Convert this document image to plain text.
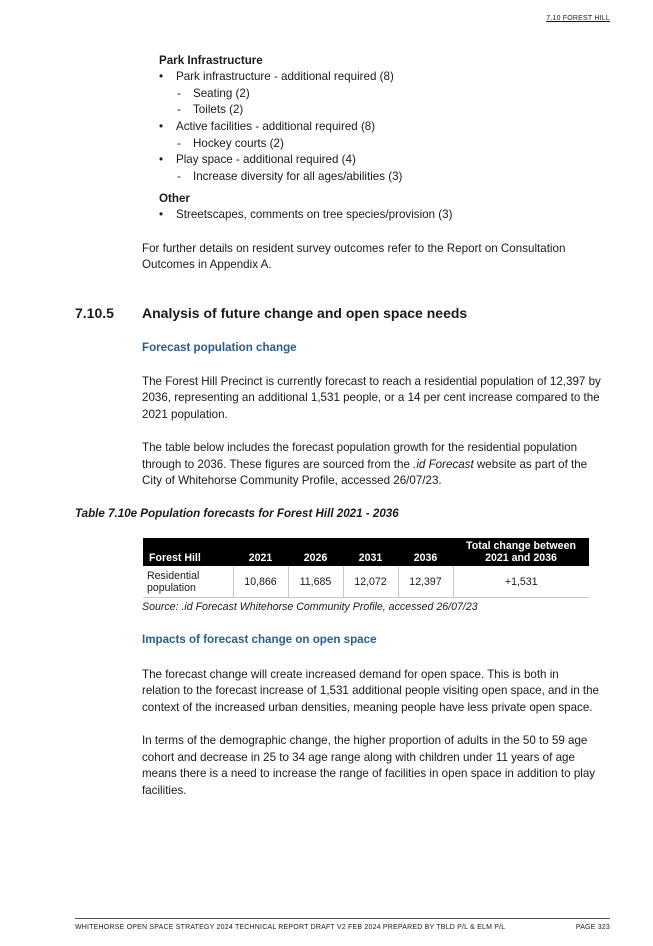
7.10 FOREST HILL
Park Infrastructure
• Park infrastructure - additional required (8)
- Seating (2)
- Toilets (2)
• Active facilities - additional required (8)
- Hockey courts (2)
• Play space - additional required (4)
- Increase diversity for all ages/abilities (3)
Other
• Streetscapes, comments on tree species/provision (3)
For further details on resident survey outcomes refer to the Report on Consultation
Outcomes in Appendix A.
7.10.5 Analysis of future change and open space needs
Forecast population change
The Forest Hill Precinct is currently forecast to reach a residential population of 12,397 by
2036, representing an additional 1,531 people, or a 14 per cent increase compared to the
2021 population.
The table below includes the forecast population growth for the residential population
through to 2036. These figures are sourced from the .id Forecast website as part of the
City of Whitehorse Community Profile, accessed 26/07/23.
Table 7.10e Population forecasts for Forest Hill 2021 - 2036
Forest Hill	2021	2026	2031	2036	Total change between 2021 and 2036
Residential population	10,866	11,685	12,072	12,397	+1,531
Source: .id Forecast Whitehorse Community Profile, accessed 26/07/23
Impacts of forecast change on open space
The forecast change will create increased demand for open space. This is both in
relation to the forecast increase of 1,531 additional people visiting open space, and in the
context of the increased urban densities, meaning people have less private open space.
In terms of the demographic change, the higher proportion of adults in the 50 to 59 age
cohort and decrease in 25 to 34 age range along with children under 11 years of age
means there is a need to increase the range of facilities in open space in addition to play
facilities.
WHITEHORSE OPEN SPACE STRATEGY 2024 TECHNICAL REPORT DRAFT V2 FEB 2024 PREPARED BY TBLD P/L & ELM P/L	PAGE 323
